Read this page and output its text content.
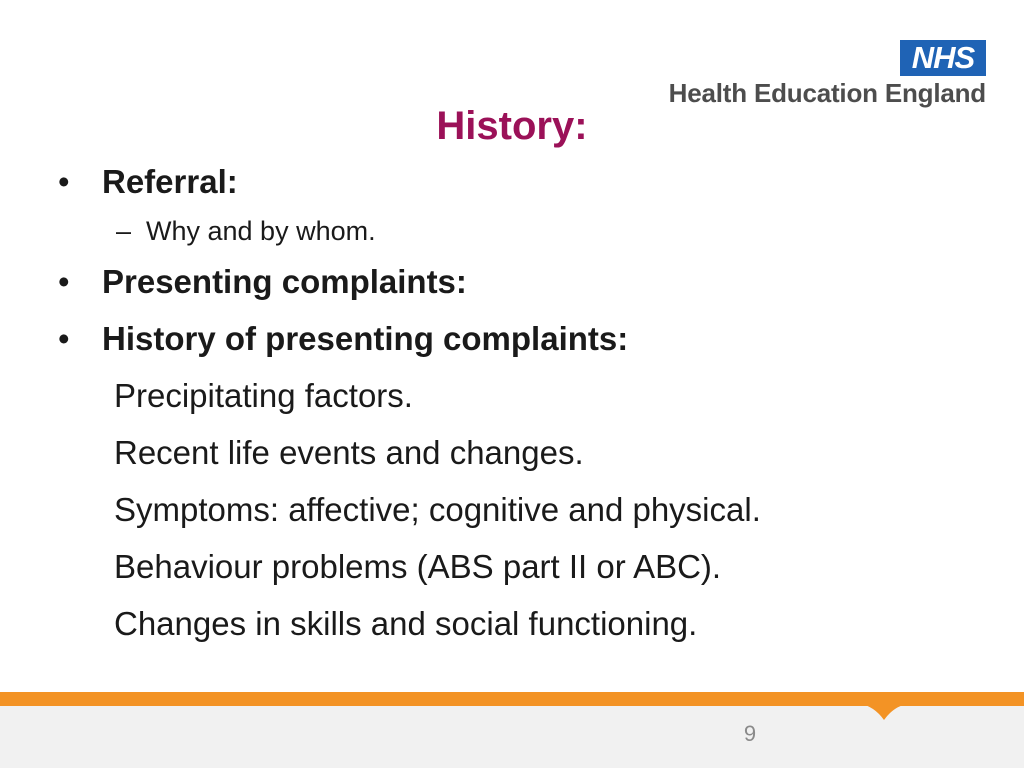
NHS
Health Education England
History:
• Referral:
– Why and by whom.
• Presenting complaints:
• History of presenting complaints:
Precipitating factors.
Recent life events and changes.
Symptoms: affective; cognitive and physical.
Behaviour problems (ABS part II or ABC).
Changes in skills and social functioning.
9
